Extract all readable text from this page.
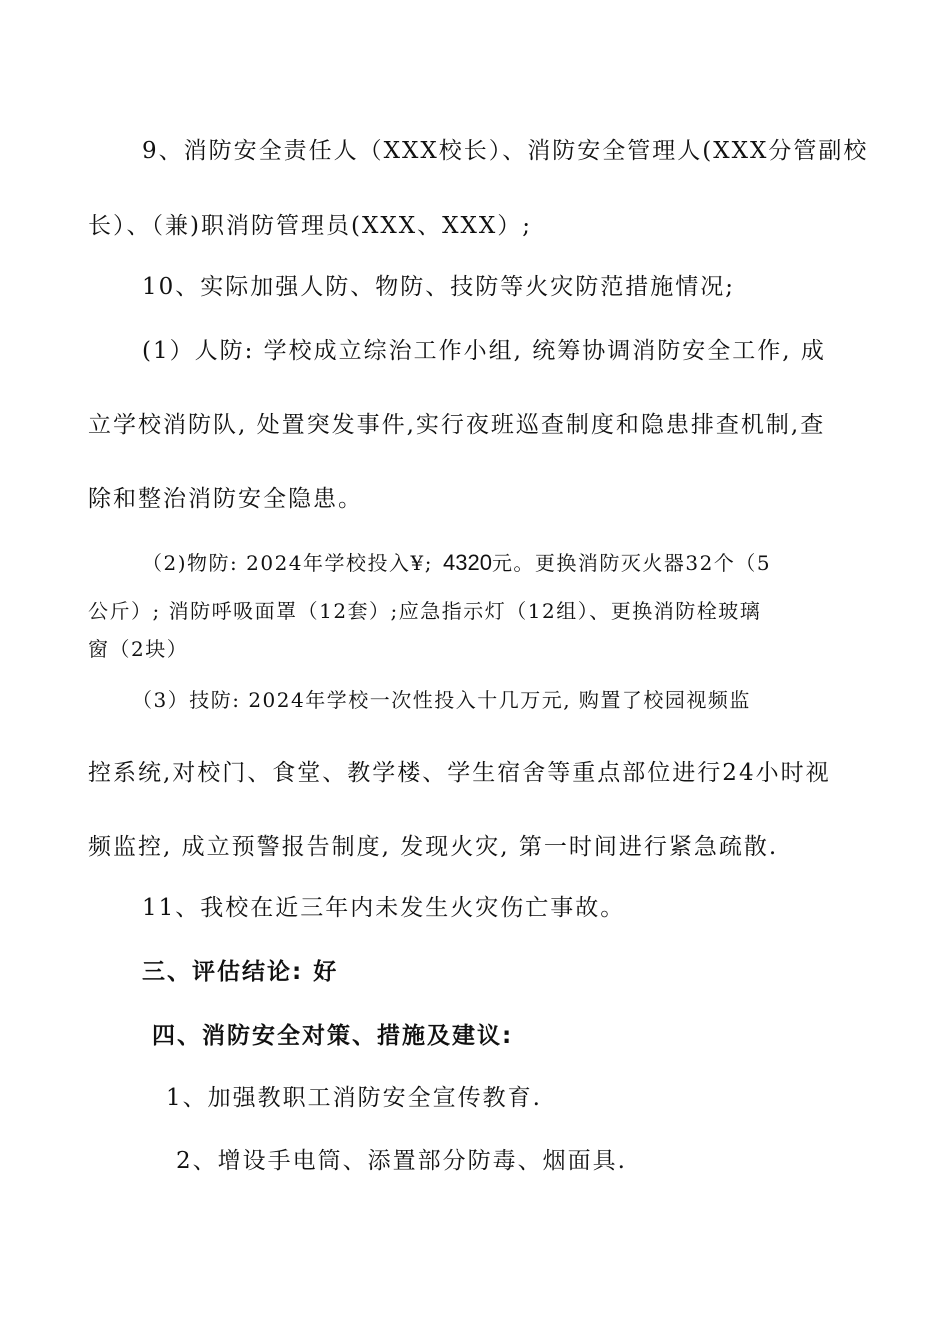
9、消防安全责任人（XXX校长）、消防安全管理人(XXX分管副校
长）、（兼)职消防管理员(XXX、XXX）;
10、实际加强人防、物防、技防等火灾防范措施情况;
(1）人防: 学校成立综治工作小组, 统筹协调消防安全工作, 成
立学校消防队, 处置突发事件,实行夜班巡查制度和隐患排查机制,查
除和整治消防安全隐患。
（2)物防: 2024年学校投入¥; 4320元。更换消防灭火器32个（5
公斤）; 消防呼吸面罩（12套）;应急指示灯（12组）、更换消防栓玻璃
窗（2块）
（3）技防: 2024年学校一次性投入十几万元, 购置了校园视频监
控系统,对校门、食堂、教学楼、学生宿舍等重点部位进行24小时视
频监控, 成立预警报告制度, 发现火灾, 第一时间进行紧急疏散.
11、我校在近三年内未发生火灾伤亡事故。
三、评估结论: 好
四、消防安全对策、措施及建议:
1、加强教职工消防安全宣传教育.
2、增设手电筒、添置部分防毒、烟面具.
